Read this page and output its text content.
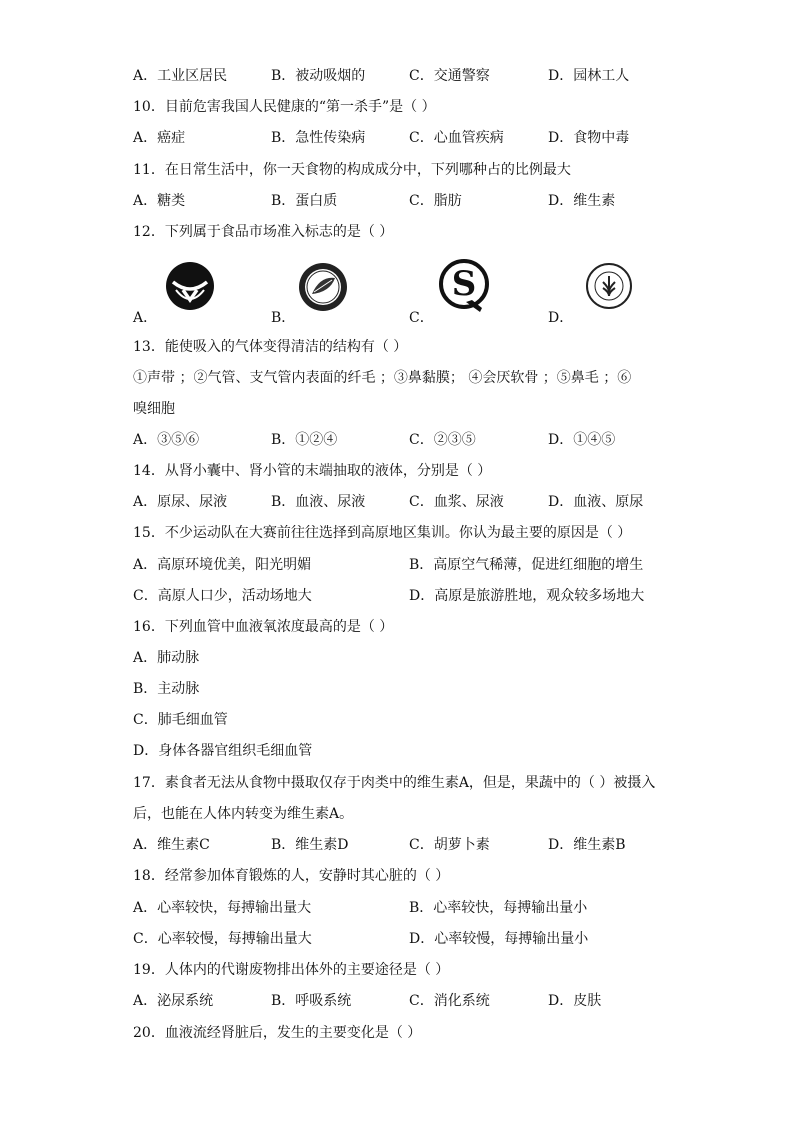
A．工业区居民	B．被动吸烟的	C．交通警察	D．园林工人
10．目前危害我国人民健康的“第一杀手”是（ ）
A．癌症	B．急性传染病	C．心血管疾病	D．食物中毒
11．在日常生活中，你一天食物的构成成分中，下列哪种占的比例最大
A．糖类	B．蛋白质	C．脂肪	D．维生素
12．下列属于食品市场准入标志的是（ ）
S
A．	B．	C．	D．
13．能使吸入的气体变得清洁的结构有（ ）
①声带 ；②气管、支气管内表面的纤毛 ；③鼻黏膜； ④会厌软骨 ；⑤鼻毛 ；⑥
嗅细胞
A．③⑤⑥	B．①②④	C．②③⑤	D．①④⑤
14．从肾小囊中、肾小管的末端抽取的液体，分别是（ ）
A．原尿、尿液	B．血液、尿液	C．血浆、尿液	D．血液、原尿
15．不少运动队在大赛前往往选择到高原地区集训。你认为最主要的原因是（ ）
A．高原环境优美，阳光明媚	B．高原空气稀薄，促进红细胞的增生
C．高原人口少，活动场地大	D．高原是旅游胜地，观众较多场地大
16．下列血管中血液氧浓度最高的是（ ）
A．肺动脉
B．主动脉
C．肺毛细血管
D．身体各器官组织毛细血管
17．素食者无法从食物中摄取仅存于肉类中的维生素A，但是，果蔬中的（ ）被摄入
后，也能在人体内转变为维生素A。
A．维生素C	B．维生素D	C．胡萝卜素	D．维生素B
18．经常参加体育锻炼的人，安静时其心脏的（ ）
A．心率较快，每搏输出量大	B．心率较快，每搏输出量小
C．心率较慢，每搏输出量大	D．心率较慢，每搏输出量小
19．人体内的代谢废物排出体外的主要途径是（ ）
A．泌尿系统	B．呼吸系统	C．消化系统	D．皮肤
20．血液流经肾脏后，发生的主要变化是（ ）
